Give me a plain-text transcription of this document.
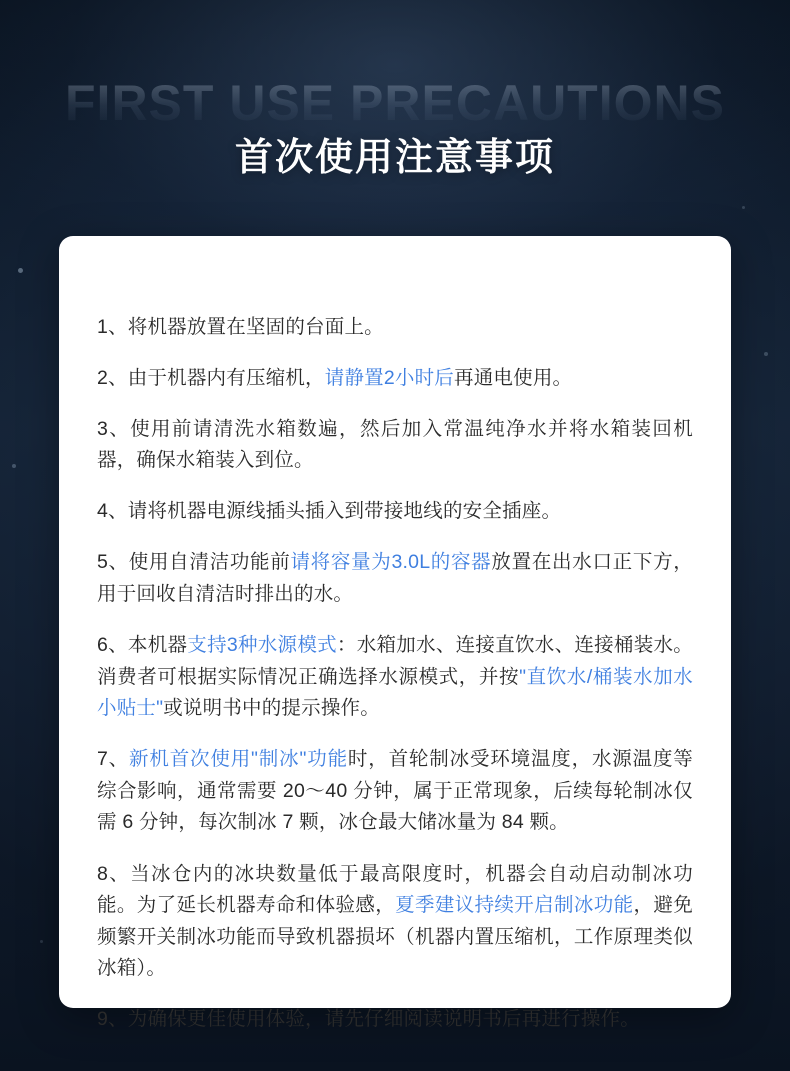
FIRST USE PRECAUTIONS
首次使用注意事项

1、将机器放置在坚固的台面上。

2、由于机器内有压缩机，请静置2小时后再通电使用。

3、使用前请清洗水箱数遍，然后加入常温纯净水并将水箱装回机器，确保水箱装入到位。

4、请将机器电源线插头插入到带接地线的安全插座。

5、使用自清洁功能前请将容量为3.0L的容器放置在出水口正下方，用于回收自清洁时排出的水。

6、本机器支持3种水源模式：水箱加水、连接直饮水、连接桶装水。消费者可根据实际情况正确选择水源模式，并按"直饮水/桶装水加水小贴士"或说明书中的提示操作。

7、新机首次使用"制冰"功能时，首轮制冰受环境温度，水源温度等综合影响，通常需要 20～40 分钟，属于正常现象，后续每轮制冰仅需 6 分钟，每次制冰 7 颗，冰仓最大储冰量为 84 颗。

8、当冰仓内的冰块数量低于最高限度时，机器会自动启动制冰功能。为了延长机器寿命和体验感，夏季建议持续开启制冰功能，避免频繁开关制冰功能而导致机器损坏（机器内置压缩机，工作原理类似冰箱）。

9、为确保更佳使用体验，请先仔细阅读说明书后再进行操作。
